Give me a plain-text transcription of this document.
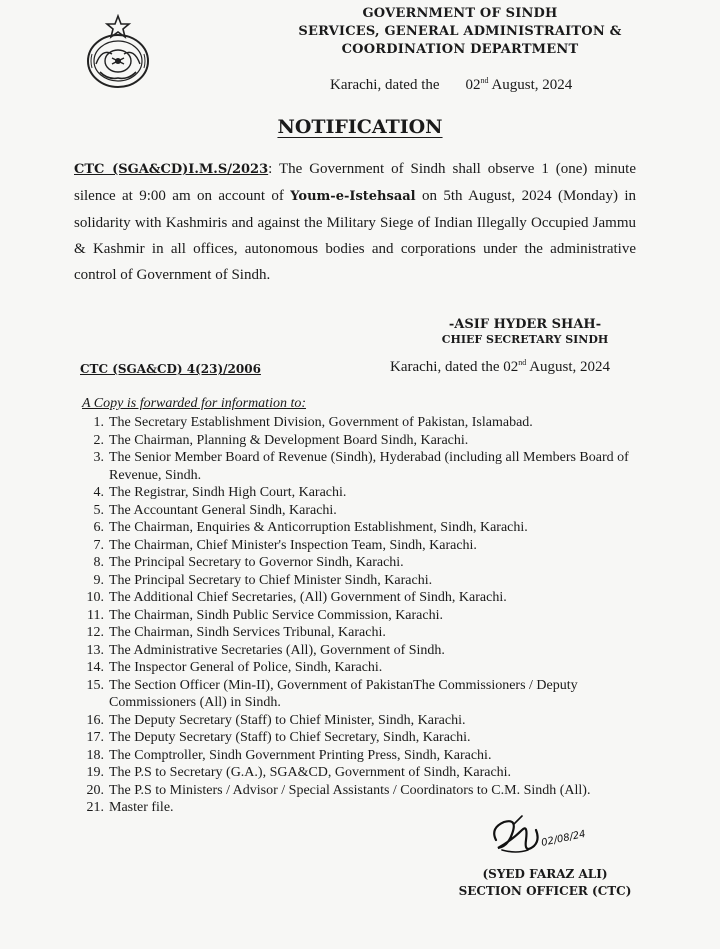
GOVERNMENT OF SINDH
SERVICES, GENERAL ADMINISTRAITON &
COORDINATION DEPARTMENT
Karachi, dated the 02nd August, 2024
NOTIFICATION
CTC (SGA&CD)I.M.S/2023: The Government of Sindh shall observe 1 (one) minute silence at 9:00 am on account of Youm-e-Istehsaal on 5th August, 2024 (Monday) in solidarity with Kashmiris and against the Military Siege of Indian Illegally Occupied Jammu & Kashmir in all offices, autonomous bodies and corporations under the administrative control of Government of Sindh.
-ASIF HYDER SHAH-
CHIEF SECRETARY SINDH
CTC (SGA&CD) 4(23)/2006	Karachi, dated the 02nd August, 2024
A Copy is forwarded for information to:
1. The Secretary Establishment Division, Government of Pakistan, Islamabad.
2. The Chairman, Planning & Development Board Sindh, Karachi.
3. The Senior Member Board of Revenue (Sindh), Hyderabad (including all Members Board of Revenue, Sindh.
4. The Registrar, Sindh High Court, Karachi.
5. The Accountant General Sindh, Karachi.
6. The Chairman, Enquiries & Anticorruption Establishment, Sindh, Karachi.
7. The Chairman, Chief Minister's Inspection Team, Sindh, Karachi.
8. The Principal Secretary to Governor Sindh, Karachi.
9. The Principal Secretary to Chief Minister Sindh, Karachi.
10. The Additional Chief Secretaries, (All) Government of Sindh, Karachi.
11. The Chairman, Sindh Public Service Commission, Karachi.
12. The Chairman, Sindh Services Tribunal, Karachi.
13. The Administrative Secretaries (All), Government of Sindh.
14. The Inspector General of Police, Sindh, Karachi.
15. The Section Officer (Min-II), Government of PakistanThe Commissioners / Deputy Commissioners (All) in Sindh.
16. The Deputy Secretary (Staff) to Chief Minister, Sindh, Karachi.
17. The Deputy Secretary (Staff) to Chief Secretary, Sindh, Karachi.
18. The Comptroller, Sindh Government Printing Press, Sindh, Karachi.
19. The P.S to Secretary (G.A.), SGA&CD, Government of Sindh, Karachi.
20. The P.S to Ministers / Advisor / Special Assistants / Coordinators to C.M. Sindh (All).
21. Master file.
02/08/24
(SYED FARAZ ALI)
SECTION OFFICER (CTC)
